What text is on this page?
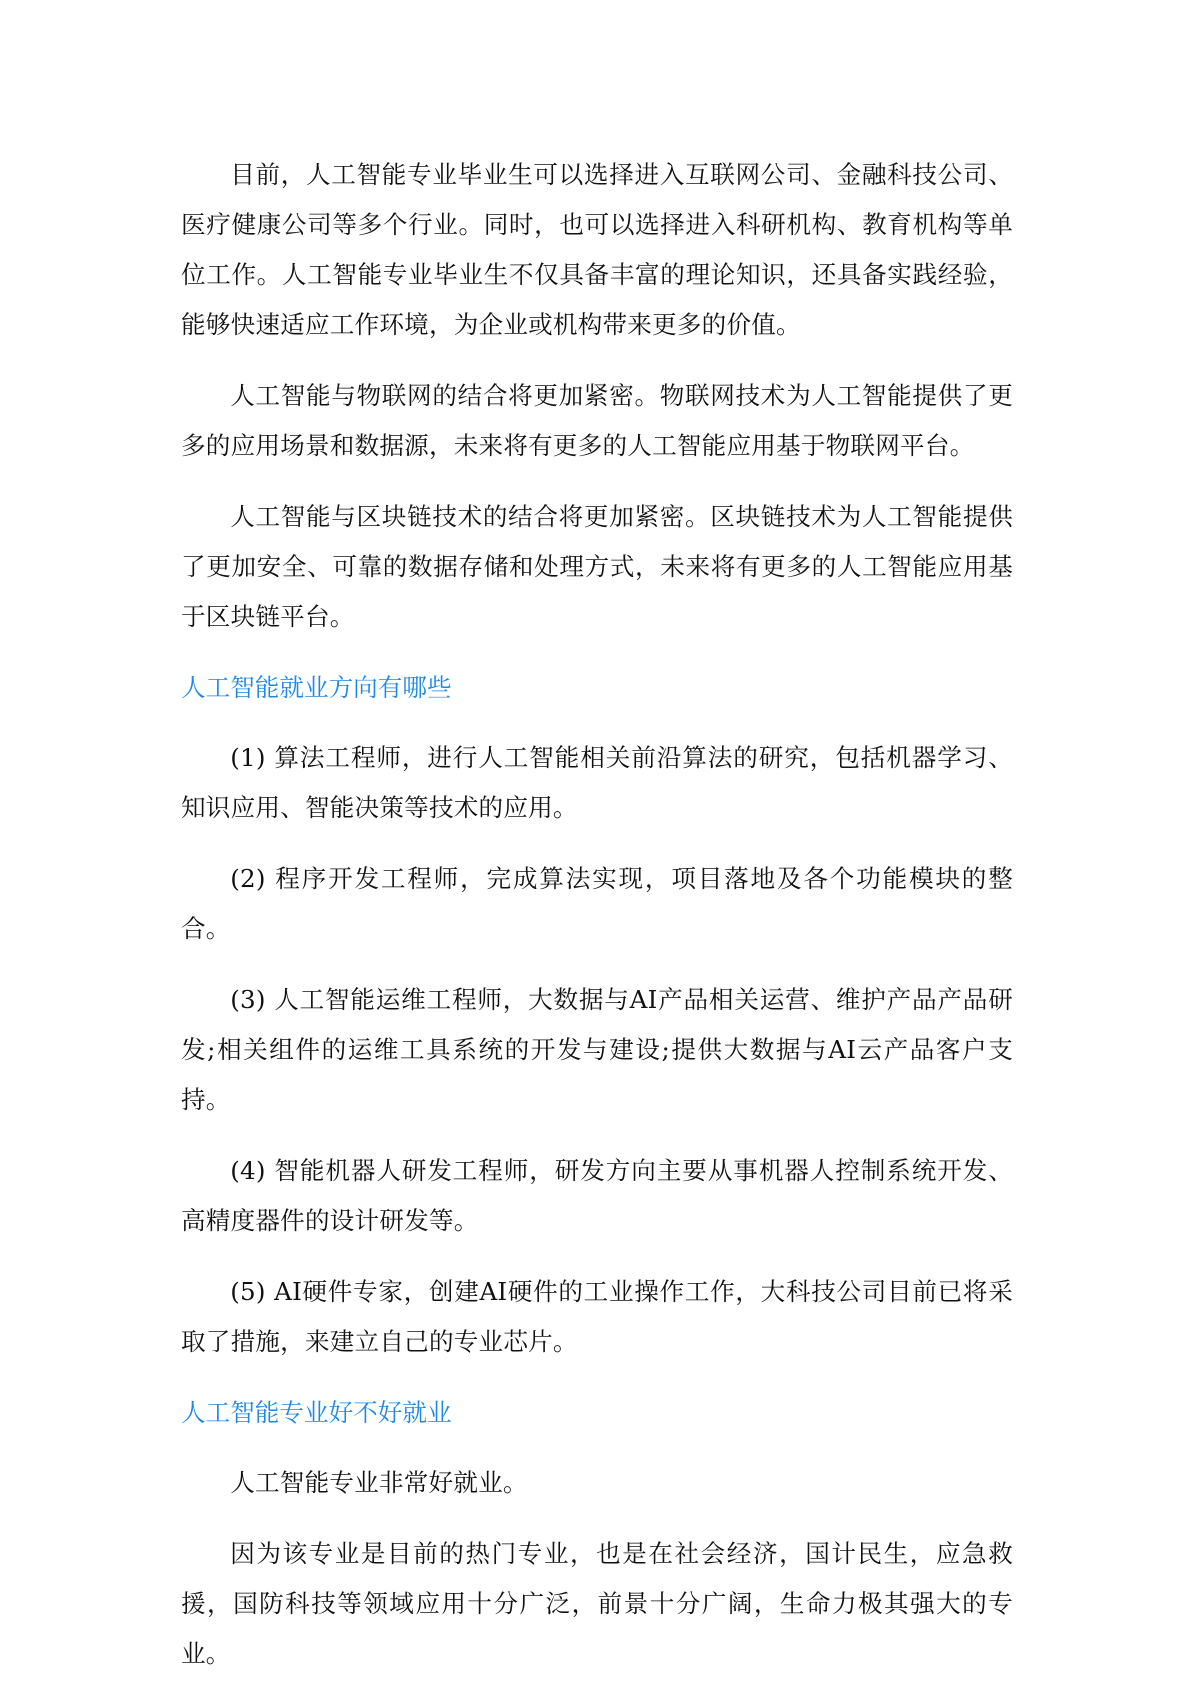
目前，人工智能专业毕业生可以选择进入互联网公司、金融科技公司、医疗健康公司等多个行业。同时，也可以选择进入科研机构、教育机构等单位工作。人工智能专业毕业生不仅具备丰富的理论知识，还具备实践经验，能够快速适应工作环境，为企业或机构带来更多的价值。

人工智能与物联网的结合将更加紧密。物联网技术为人工智能提供了更多的应用场景和数据源，未来将有更多的人工智能应用基于物联网平台。

人工智能与区块链技术的结合将更加紧密。区块链技术为人工智能提供了更加安全、可靠的数据存储和处理方式，未来将有更多的人工智能应用基于区块链平台。

人工智能就业方向有哪些

(1) 算法工程师，进行人工智能相关前沿算法的研究，包括机器学习、知识应用、智能决策等技术的应用。

(2) 程序开发工程师，完成算法实现，项目落地及各个功能模块的整合。

(3) 人工智能运维工程师，大数据与AI产品相关运营、维护产品产品研发;相关组件的运维工具系统的开发与建设;提供大数据与AI云产品客户支持。

(4) 智能机器人研发工程师，研发方向主要从事机器人控制系统开发、高精度器件的设计研发等。

(5) AI硬件专家，创建AI硬件的工业操作工作，大科技公司目前已将采取了措施，来建立自己的专业芯片。

人工智能专业好不好就业

人工智能专业非常好就业。

因为该专业是目前的热门专业，也是在社会经济，国计民生，应急救援，国防科技等领域应用十分广泛，前景十分广阔，生命力极其强大的专业。
